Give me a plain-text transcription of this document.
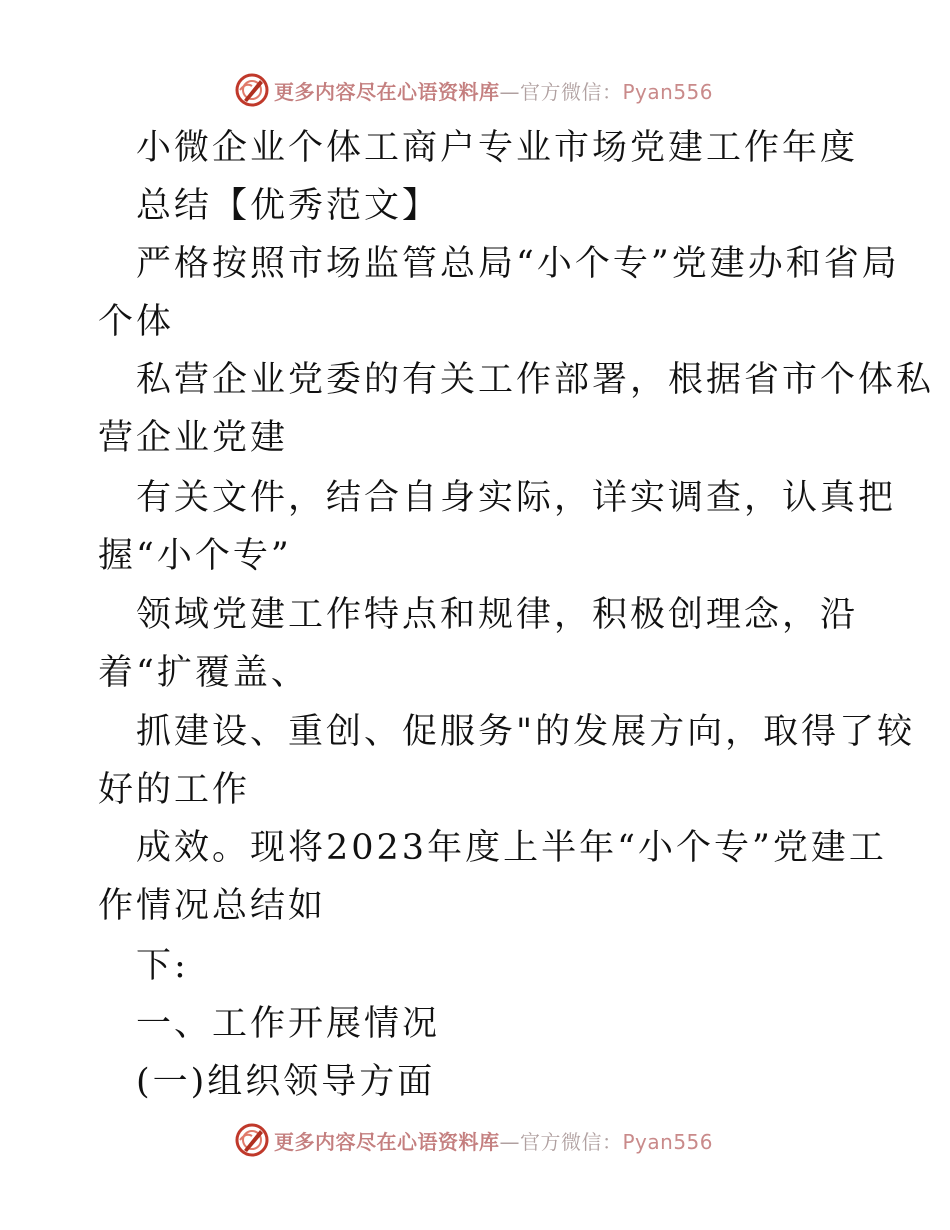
更多内容尽在心语资料库—官方微信：Pyan556
小微企业个体工商户专业市场党建工作年度
总结【优秀范文】
严格按照市场监管总局“小个专”党建办和省局
个体
私营企业党委的有关工作部署，根据省市个体私
营企业党建
有关文件，结合自身实际，详实调查，认真把
握“小个专”
领域党建工作特点和规律，积极创理念，沿
着“扩覆盖、
抓建设、重创、促服务"的发展方向，取得了较
好的工作
成效。现将2023年度上半年“小个专”党建工
作情况总结如
下:
一、工作开展情况
(一)组织领导方面
更多内容尽在心语资料库—官方微信：Pyan556
